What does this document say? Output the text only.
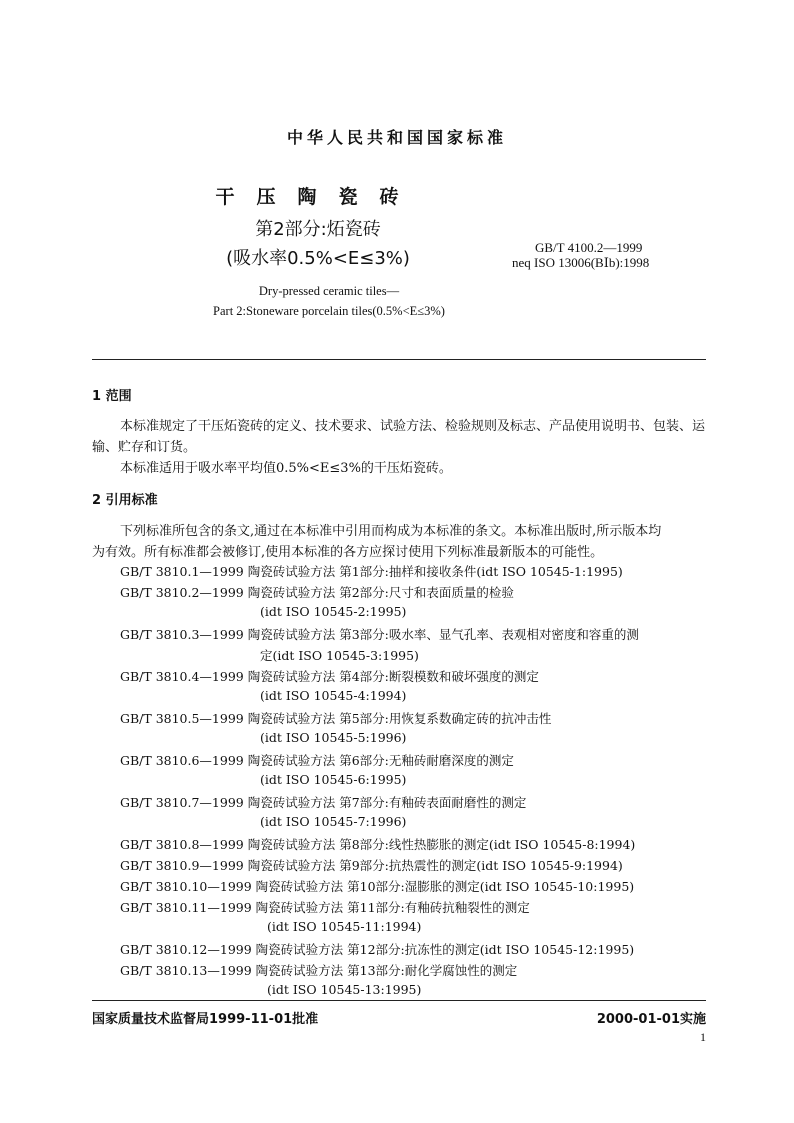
中华人民共和国国家标准
干压陶瓷砖
第2部分:炻瓷砖
(吸水率0.5%<E≤3%)
GB/T 4100.2—1999
neq ISO 13006(BⅠb):1998
Dry-pressed ceramic tiles—
Part 2:Stoneware porcelain tiles(0.5%<E≤3%)
1 范围
本标准规定了干压炻瓷砖的定义、技术要求、试验方法、检验规则及标志、产品使用说明书、包装、运
输、贮存和订货。
本标准适用于吸水率平均值0.5%<E≤3%的干压炻瓷砖。
2 引用标准
下列标准所包含的条文,通过在本标准中引用而构成为本标准的条文。本标准出版时,所示版本均
为有效。所有标准都会被修订,使用本标准的各方应探讨使用下列标准最新版本的可能性。
GB/T 3810.1—1999 陶瓷砖试验方法 第1部分:抽样和接收条件(idt ISO 10545-1:1995)
GB/T 3810.2—1999 陶瓷砖试验方法 第2部分:尺寸和表面质量的检验
(idt ISO 10545-2:1995)
GB/T 3810.3—1999 陶瓷砖试验方法 第3部分:吸水率、显气孔率、表观相对密度和容重的测
定(idt ISO 10545-3:1995)
GB/T 3810.4—1999 陶瓷砖试验方法 第4部分:断裂模数和破坏强度的测定
(idt ISO 10545-4:1994)
GB/T 3810.5—1999 陶瓷砖试验方法 第5部分:用恢复系数确定砖的抗冲击性
(idt ISO 10545-5:1996)
GB/T 3810.6—1999 陶瓷砖试验方法 第6部分:无釉砖耐磨深度的测定
(idt ISO 10545-6:1995)
GB/T 3810.7—1999 陶瓷砖试验方法 第7部分:有釉砖表面耐磨性的测定
(idt ISO 10545-7:1996)
GB/T 3810.8—1999 陶瓷砖试验方法 第8部分:线性热膨胀的测定(idt ISO 10545-8:1994)
GB/T 3810.9—1999 陶瓷砖试验方法 第9部分:抗热震性的测定(idt ISO 10545-9:1994)
GB/T 3810.10—1999 陶瓷砖试验方法 第10部分:湿膨胀的测定(idt ISO 10545-10:1995)
GB/T 3810.11—1999 陶瓷砖试验方法 第11部分:有釉砖抗釉裂性的测定
(idt ISO 10545-11:1994)
GB/T 3810.12—1999 陶瓷砖试验方法 第12部分:抗冻性的测定(idt ISO 10545-12:1995)
GB/T 3810.13—1999 陶瓷砖试验方法 第13部分:耐化学腐蚀性的测定
(idt ISO 10545-13:1995)
国家质量技术监督局1999-11-01批准	2000-01-01实施
1
